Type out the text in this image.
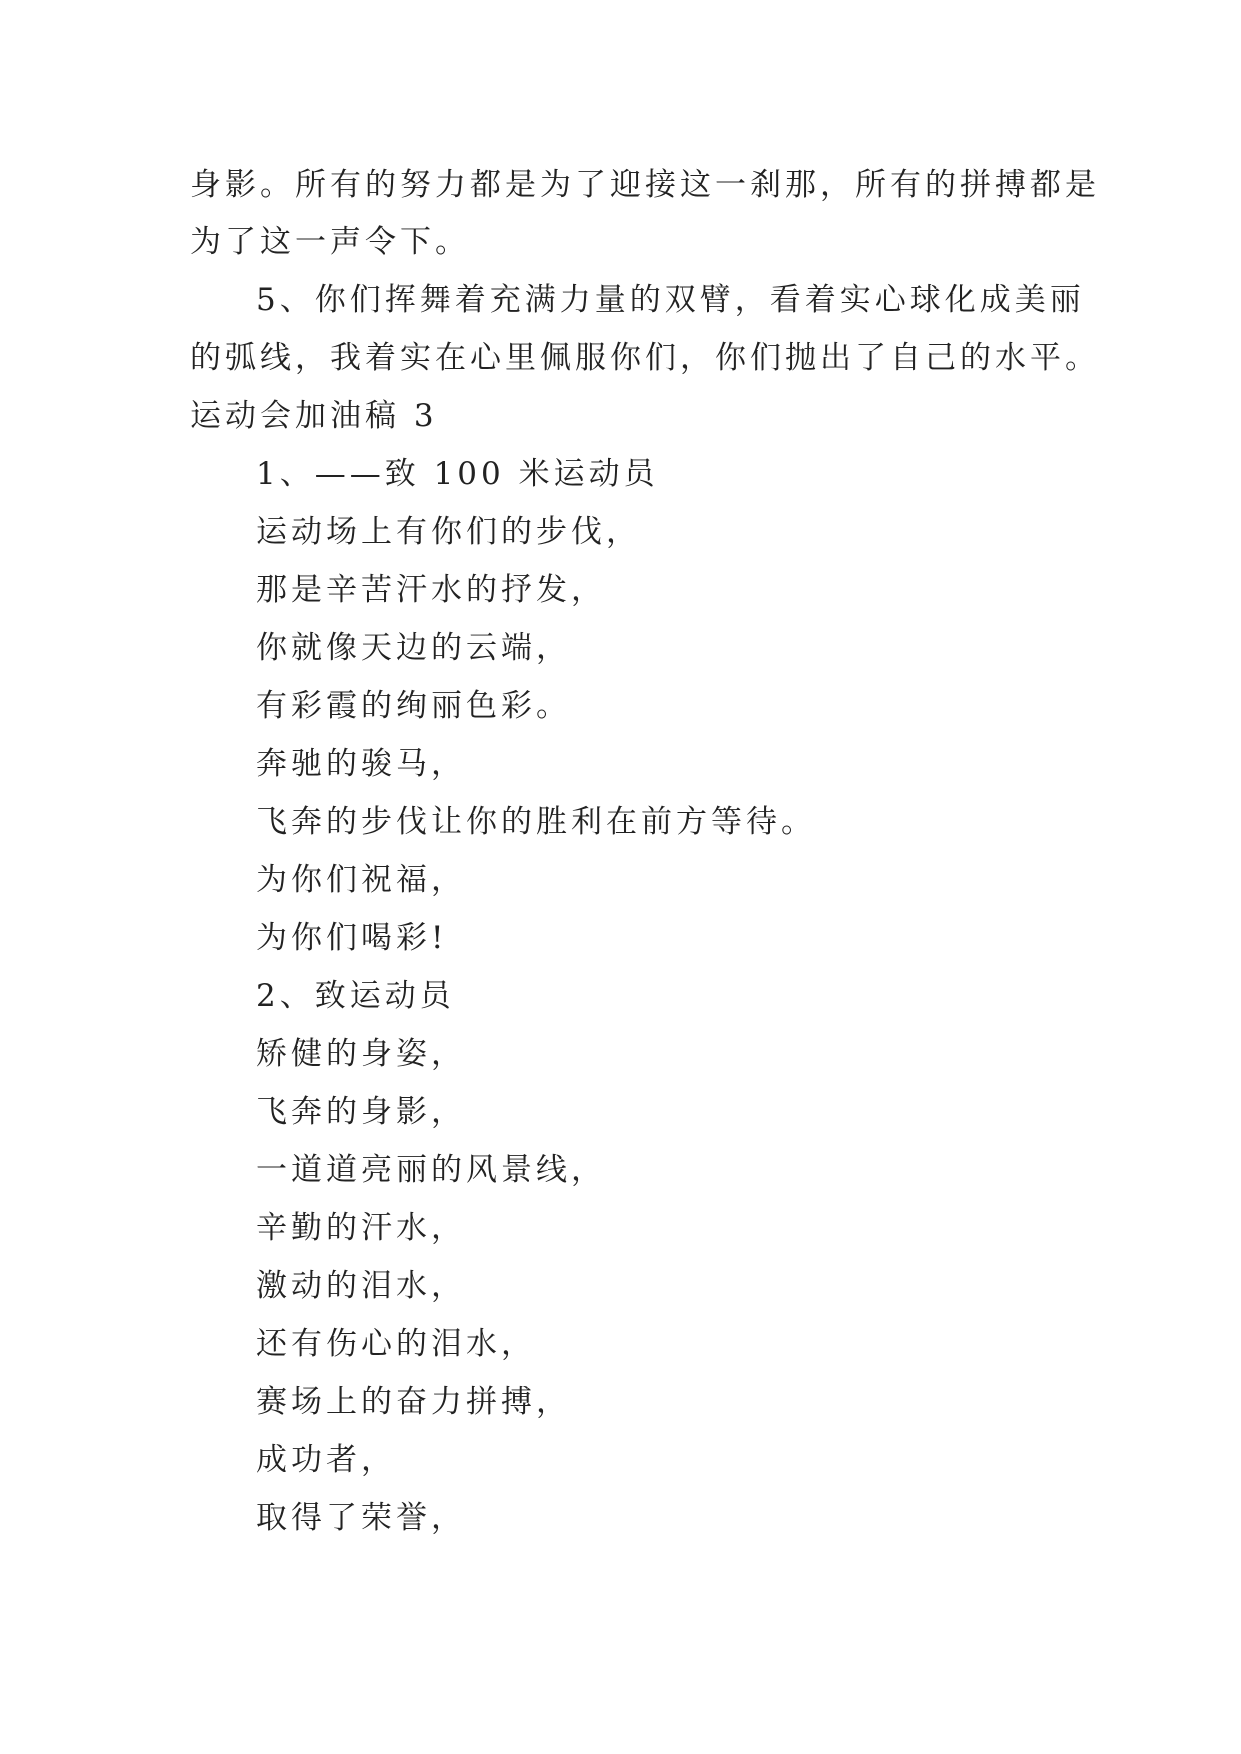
身影。所有的努力都是为了迎接这一刹那，所有的拼搏都是
为了这一声令下。
5、你们挥舞着充满力量的双臂，看着实心球化成美丽
的弧线，我着实在心里佩服你们，你们抛出了自己的水平。
运动会加油稿 3
1、——致 100 米运动员
运动场上有你们的步伐，
那是辛苦汗水的抒发，
你就像天边的云端，
有彩霞的绚丽色彩。
奔驰的骏马，
飞奔的步伐让你的胜利在前方等待。
为你们祝福，
为你们喝彩!
2、致运动员
矫健的身姿，
飞奔的身影，
一道道亮丽的风景线，
辛勤的汗水，
激动的泪水，
还有伤心的泪水，
赛场上的奋力拼搏，
成功者，
取得了荣誉，
